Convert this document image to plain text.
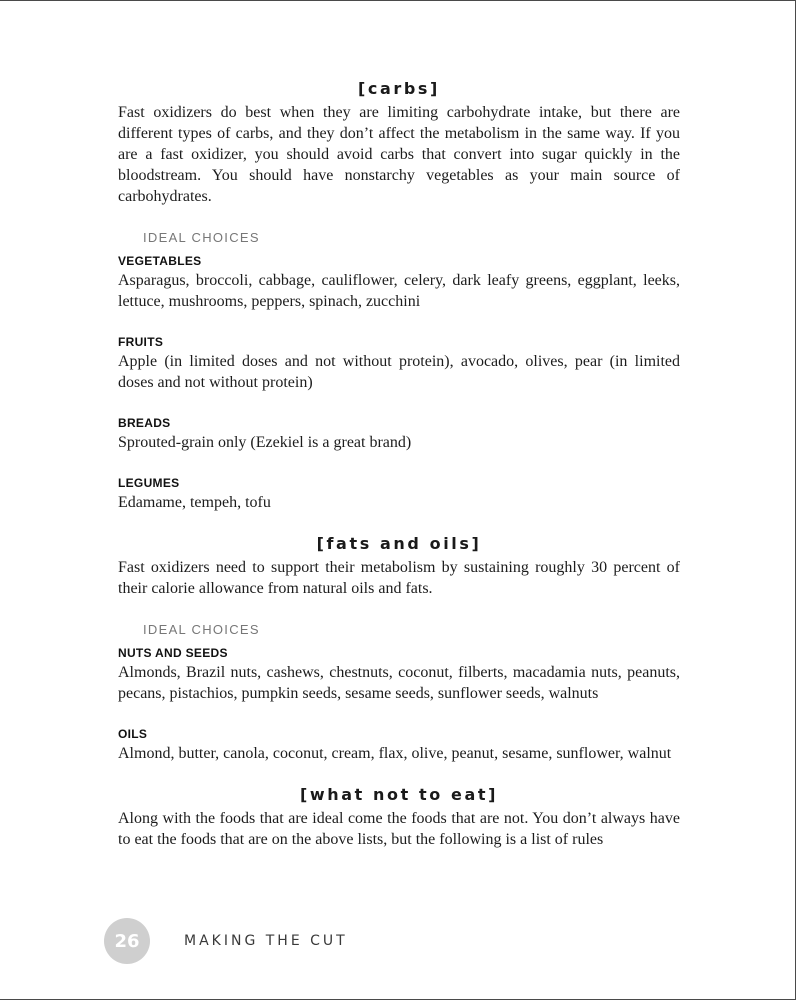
[carbs]

Fast oxidizers do best when they are limiting carbohydrate intake, but there are different types of carbs, and they don’t affect the metabolism in the same way. If you are a fast oxidizer, you should avoid carbs that convert into sugar quickly in the bloodstream. You should have nonstarchy vegetables as your main source of carbohydrates.

IDEAL CHOICES
VEGETABLES

Asparagus, broccoli, cabbage, cauliflower, celery, dark leafy greens, eggplant, leeks, lettuce, mushrooms, peppers, spinach, zucchini

FRUITS

Apple (in limited doses and not without protein), avocado, olives, pear (in limited doses and not without protein)

BREADS

Sprouted-grain only (Ezekiel is a great brand)

LEGUMES

Edamame, tempeh, tofu

[fats and oils]

Fast oxidizers need to support their metabolism by sustaining roughly 30 percent of their calorie allowance from natural oils and fats.

IDEAL CHOICES
NUTS AND SEEDS

Almonds, Brazil nuts, cashews, chestnuts, coconut, filberts, macadamia nuts, peanuts, pecans, pistachios, pumpkin seeds, sesame seeds, sunflower seeds, walnuts

OILS

Almond, butter, canola, coconut, cream, flax, olive, peanut, sesame, sunflower, walnut

[what not to eat]

Along with the foods that are ideal come the foods that are not. You don’t always have to eat the foods that are on the above lists, but the following is a list of rules

26	MAKING THE CUT
